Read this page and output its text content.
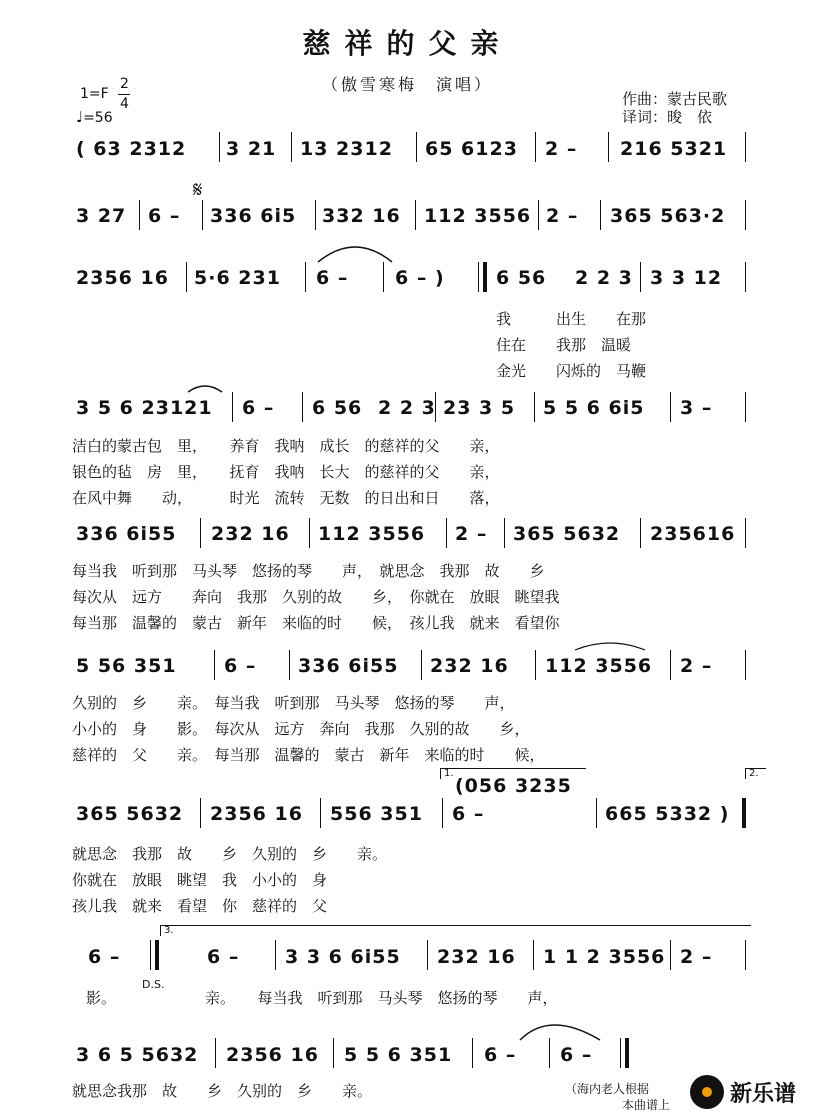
慈祥的父亲
（傲雪寒梅　演唱）
1=F
2
4
♩=56
作曲：蒙古民歌
译词：晙　依
( 63 2312 3 21 13 2312 65 6123 2 – 216 5321
3 27 6 – 336 6i5 332 16 112 3556 2 – 365 563·2
𝄋
2356 16 5·6 231 6 – 6 – )	6 56 2 2 3 3 3 12
我　　　出生　　在那
住在　　我那　温暖
金光　　闪烁的　马鞭
3 5 6 23121 6 – 6 56 2 2 3 23 3 5 5 5 6 6i5 3 –
洁白的蒙古包　里，　　养育　我呐　成长　的慈祥的父　　亲，
银色的毡　房　里，　　抚育　我呐　长大　的慈祥的父　　亲，
在风中舞　　动，　　　时光　流转　无数　的日出和日　　落，
336 6i55 232 16 112 3556 2 – 365 5632 235616
每当我　听到那　马头琴　悠扬的琴　　声，　就思念　我那　故　　乡
每次从　远方　　奔向　我那　久别的故　　乡，　你就在　放眼　眺望我
每当那　温馨的　蒙古　新年　来临的时　　候，　孩儿我　就来　看望你
5 56 351 6 – 336 6i55 232 16 112 3556 2 –
久别的　乡　　亲。　每当我　听到那　马头琴　悠扬的琴　　声，
小小的　身　　影。　每次从　远方　奔向　我那　久别的故　　乡，
慈祥的　父　　亲。　每当那　温馨的　蒙古　新年　来临的时　　候，
1.	2.
(056 3235
365 5632 2356 16 556 351 6 –	665 5332 )
就思念　我那　故　　乡　久别的　乡　　亲。
你就在　放眼　眺望　我　小小的　身
孩儿我　就来　看望　你　慈祥的　父
3.
6 –	6 – 3 3 6 6i55 232 16 1 1 2 3556 2 –
D.S.
影。	亲。　　每当我　听到那　马头琴　悠扬的琴　　声，
3 6 5 5632 2356 16 5 5 6 351 6 – 6 –
就思念我那　故　　乡　久别的　乡　　亲。	（海内老人根据
本曲谱上	新乐谱
